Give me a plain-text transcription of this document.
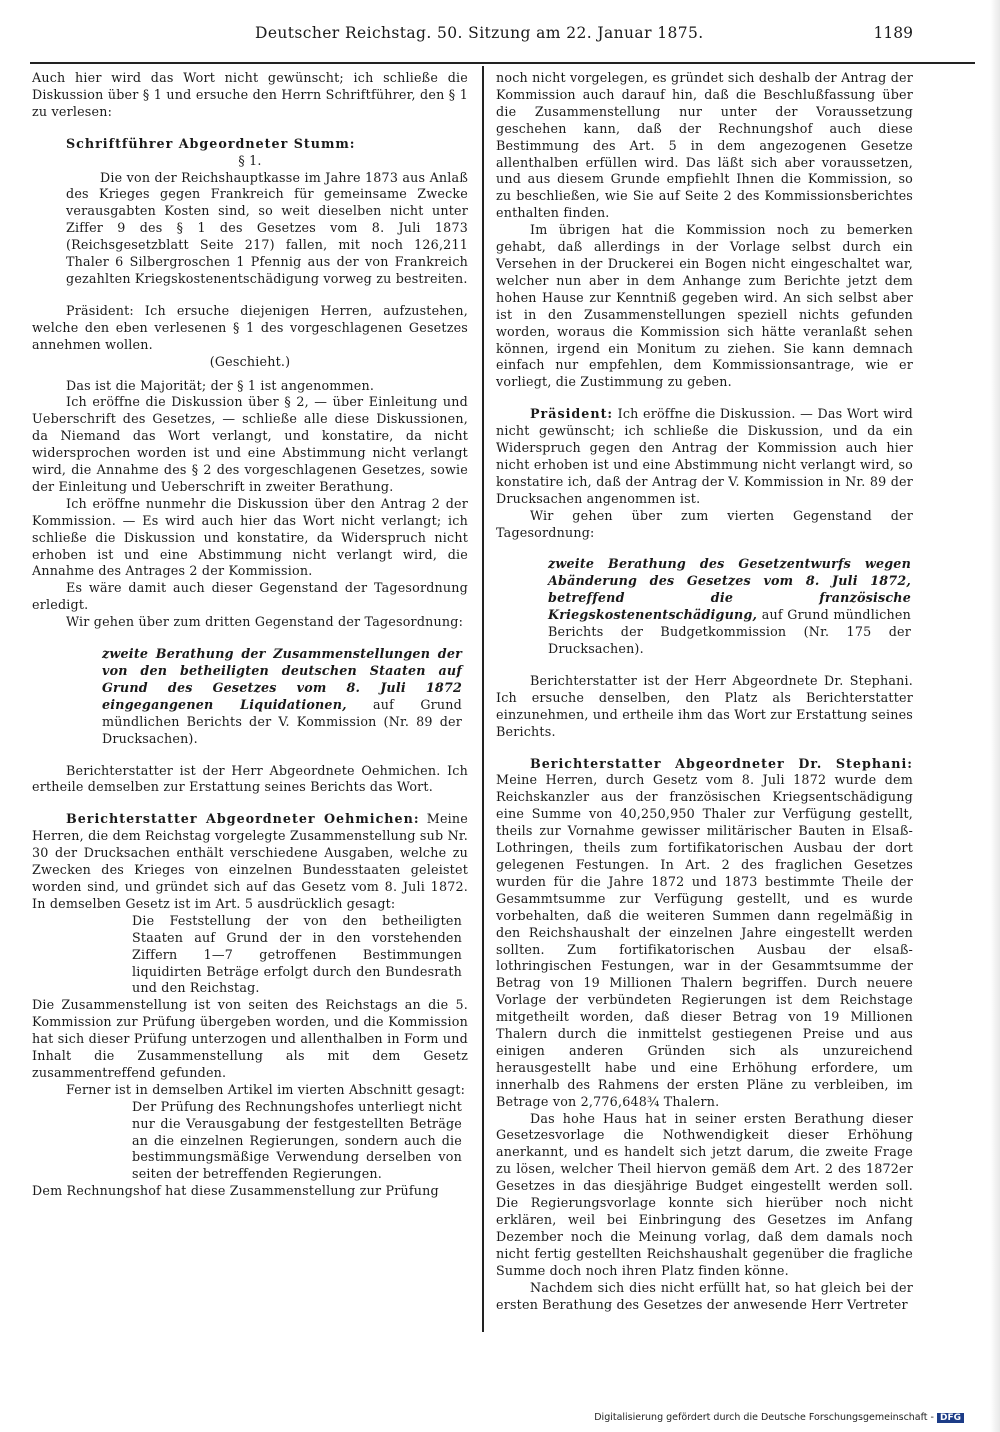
Deutscher Reichstag. 50. Sitzung am 22. Januar 1875.	1189

Auch hier wird das Wort nicht gewünscht; ich schließe die Diskussion über § 1 und ersuche den Herrn Schriftführer, den § 1 zu verlesen:

Schriftführer Abgeordneter Stumm:

§ 1.

Die von der Reichshauptkasse im Jahre 1873 aus Anlaß des Krieges gegen Frankreich für gemeinsame Zwecke verausgabten Kosten sind, so weit dieselben nicht unter Ziffer 9 des § 1 des Gesetzes vom 8. Juli 1873 (Reichsgesetzblatt Seite 217) fallen, mit noch 126,211 Thaler 6 Silbergroschen 1 Pfennig aus der von Frankreich gezahlten Kriegskostenentschädigung vorweg zu bestreiten.

Präsident: Ich ersuche diejenigen Herren, aufzustehen, welche den eben verlesenen § 1 des vorgeschlagenen Gesetzes annehmen wollen.

(Geschieht.)

Das ist die Majorität; der § 1 ist angenommen.

Ich eröffne die Diskussion über § 2, — über Einleitung und Ueberschrift des Gesetzes, — schließe alle diese Diskussionen, da Niemand das Wort verlangt, und konstatire, da nicht widersprochen worden ist und eine Abstimmung nicht verlangt wird, die Annahme des § 2 des vorgeschlagenen Gesetzes, sowie der Einleitung und Ueberschrift in zweiter Berathung.

Ich eröffne nunmehr die Diskussion über den Antrag 2 der Kommission. — Es wird auch hier das Wort nicht verlangt; ich schließe die Diskussion und konstatire, da Widerspruch nicht erhoben ist und eine Abstimmung nicht verlangt wird, die Annahme des Antrages 2 der Kommission.

Es wäre damit auch dieser Gegenstand der Tagesordnung erledigt.

Wir gehen über zum dritten Gegenstand der Tagesordnung:

zweite Berathung der Zusammenstellungen der von den betheiligten deutschen Staaten auf Grund des Gesetzes vom 8. Juli 1872 eingegangenen Liquidationen, auf Grund mündlichen Berichts der V. Kommission (Nr. 89 der Drucksachen).

Berichterstatter ist der Herr Abgeordnete Oehmichen. Ich ertheile demselben zur Erstattung seines Berichts das Wort.

Berichterstatter Abgeordneter Oehmichen: Meine Herren, die dem Reichstag vorgelegte Zusammenstellung sub Nr. 30 der Drucksachen enthält verschiedene Ausgaben, welche zu Zwecken des Krieges von einzelnen Bundesstaaten geleistet worden sind, und gründet sich auf das Gesetz vom 8. Juli 1872. In demselben Gesetz ist im Art. 5 ausdrücklich gesagt:

Die Feststellung der von den betheiligten Staaten auf Grund der in den vorstehenden Ziffern 1—7 getroffenen Bestimmungen liquidirten Beträge erfolgt durch den Bundesrath und den Reichstag.

Die Zusammenstellung ist von seiten des Reichstags an die 5. Kommission zur Prüfung übergeben worden, und die Kommission hat sich dieser Prüfung unterzogen und allenthalben in Form und Inhalt die Zusammenstellung als mit dem Gesetz zusammentreffend gefunden.

Ferner ist in demselben Artikel im vierten Abschnitt gesagt:

Der Prüfung des Rechnungshofes unterliegt nicht nur die Verausgabung der festgestellten Beträge an die einzelnen Regierungen, sondern auch die bestimmungsmäßige Verwendung derselben von seiten der betreffenden Regierungen.

Dem Rechnungshof hat diese Zusammenstellung zur Prüfung

noch nicht vorgelegen, es gründet sich deshalb der Antrag der Kommission auch darauf hin, daß die Beschlußfassung über die Zusammenstellung nur unter der Voraussetzung geschehen kann, daß der Rechnungshof auch diese Bestimmung des Art. 5 in dem angezogenen Gesetze allenthalben erfüllen wird. Das läßt sich aber voraussetzen, und aus diesem Grunde empfiehlt Ihnen die Kommission, so zu beschließen, wie Sie auf Seite 2 des Kommissionsberichtes enthalten finden.

Im übrigen hat die Kommission noch zu bemerken gehabt, daß allerdings in der Vorlage selbst durch ein Versehen in der Druckerei ein Bogen nicht eingeschaltet war, welcher nun aber in dem Anhange zum Berichte jetzt dem hohen Hause zur Kenntniß gegeben wird. An sich selbst aber ist in den Zusammenstellungen speziell nichts gefunden worden, woraus die Kommission sich hätte veranlaßt sehen können, irgend ein Monitum zu ziehen. Sie kann demnach einfach nur empfehlen, dem Kommissionsantrage, wie er vorliegt, die Zustimmung zu geben.

Präsident: Ich eröffne die Diskussion. — Das Wort wird nicht gewünscht; ich schließe die Diskussion, und da ein Widerspruch gegen den Antrag der Kommission auch hier nicht erhoben ist und eine Abstimmung nicht verlangt wird, so konstatire ich, daß der Antrag der V. Kommission in Nr. 89 der Drucksachen angenommen ist.

Wir gehen über zum vierten Gegenstand der Tagesordnung:

zweite Berathung des Gesetzentwurfs wegen Abänderung des Gesetzes vom 8. Juli 1872, betreffend die französische Kriegskostenentschädigung, auf Grund mündlichen Berichts der Budgetkommission (Nr. 175 der Drucksachen).

Berichterstatter ist der Herr Abgeordnete Dr. Stephani. Ich ersuche denselben, den Platz als Berichterstatter einzunehmen, und ertheile ihm das Wort zur Erstattung seines Berichts.

Berichterstatter Abgeordneter Dr. Stephani: Meine Herren, durch Gesetz vom 8. Juli 1872 wurde dem Reichskanzler aus der französischen Kriegsentschädigung eine Summe von 40,250,950 Thaler zur Verfügung gestellt, theils zur Vornahme gewisser militärischer Bauten in Elsaß-Lothringen, theils zum fortifikatorischen Ausbau der dort gelegenen Festungen. In Art. 2 des fraglichen Gesetzes wurden für die Jahre 1872 und 1873 bestimmte Theile der Gesammtsumme zur Verfügung gestellt, und es wurde vorbehalten, daß die weiteren Summen dann regelmäßig in den Reichshaushalt der einzelnen Jahre eingestellt werden sollten. Zum fortifikatorischen Ausbau der elsaß-lothringischen Festungen, war in der Gesammtsumme der Betrag von 19 Millionen Thalern begriffen. Durch neuere Vorlage der verbündeten Regierungen ist dem Reichstage mitgetheilt worden, daß dieser Betrag von 19 Millionen Thalern durch die inmittelst gestiegenen Preise und aus einigen anderen Gründen sich als unzureichend herausgestellt habe und eine Erhöhung erfordere, um innerhalb des Rahmens der ersten Pläne zu verbleiben, im Betrage von 2,776,648¾ Thalern.

Das hohe Haus hat in seiner ersten Berathung dieser Gesetzesvorlage die Nothwendigkeit dieser Erhöhung anerkannt, und es handelt sich jetzt darum, die zweite Frage zu lösen, welcher Theil hiervon gemäß dem Art. 2 des 1872er Gesetzes in das diesjährige Budget eingestellt werden soll. Die Regierungsvorlage konnte sich hierüber noch nicht erklären, weil bei Einbringung des Gesetzes im Anfang Dezember noch die Meinung vorlag, daß dem damals noch nicht fertig gestellten Reichshaushalt gegenüber die fragliche Summe doch noch ihren Platz finden könne.

Nachdem sich dies nicht erfüllt hat, so hat gleich bei der ersten Berathung des Gesetzes der anwesende Herr Vertreter

Digitalisierung gefördert durch die Deutsche Forschungsgemeinschaft - DFG
